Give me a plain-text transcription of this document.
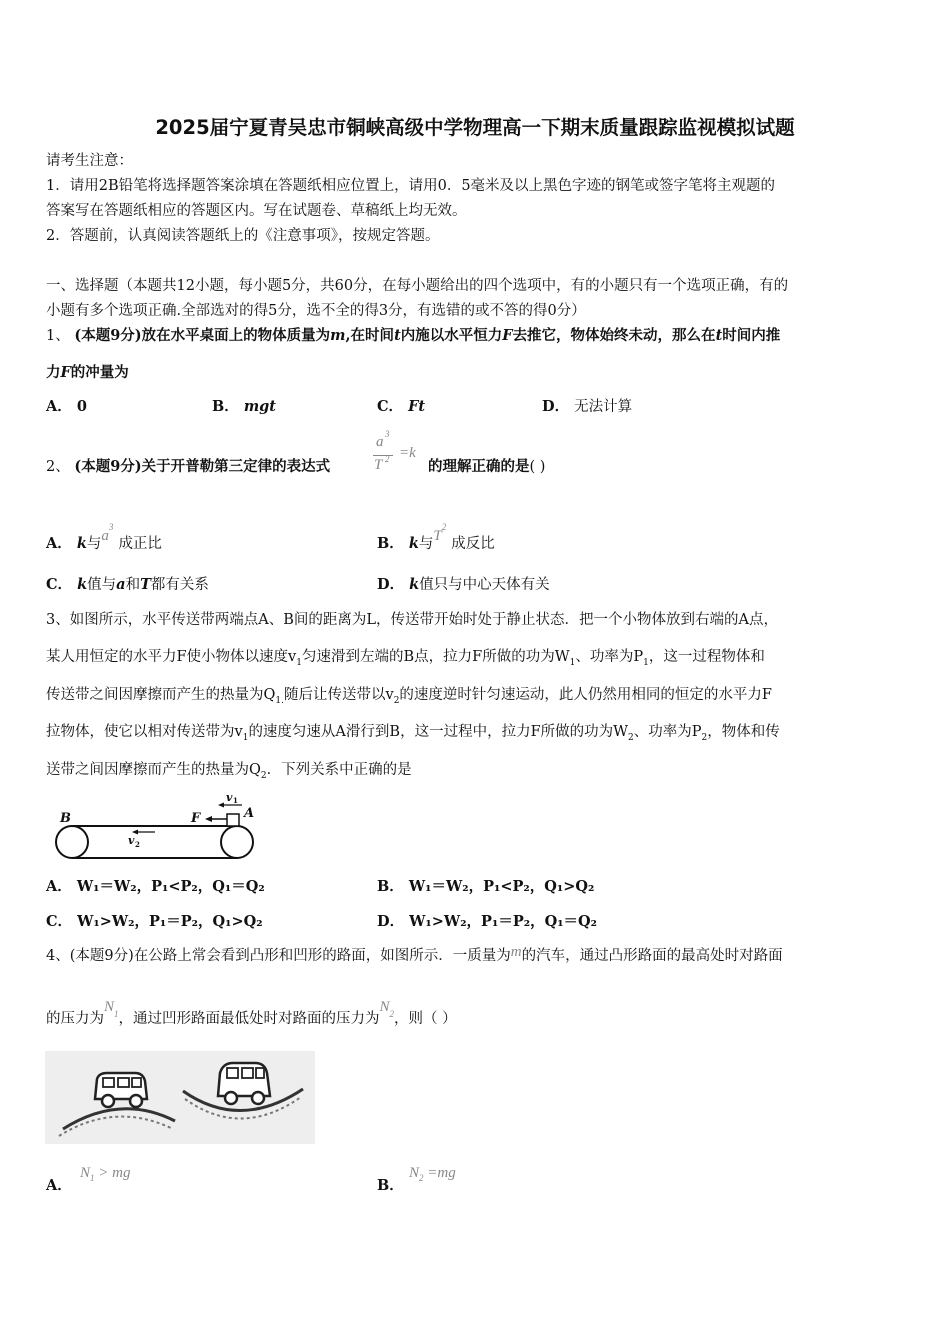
2025届宁夏青吴忠市铜峡高级中学物理高一下期末质量跟踪监视模拟试题
请考生注意：
1．请用2B铅笔将选择题答案涂填在答题纸相应位置上，请用0．5毫米及以上黑色字迹的钢笔或签字笔将主观题的
答案写在答题纸相应的答题区内。写在试题卷、草稿纸上均无效。
2．答题前，认真阅读答题纸上的《注意事项》，按规定答题。
一、选择题（本题共12小题，每小题5分，共60分，在每小题给出的四个选项中，有的小题只有一个选项正确，有的
小题有多个选项正确.全部选对的得5分，选不全的得3分，有选错的或不答的得0分）
1、 (本题9分)放在水平桌面上的物体质量为m,在时间t内施以水平恒力F去推它，物体始终未动，那么在t时间内推
力F的冲量为
A． 0	B． mgt	C． Ft	D． 无法计算
2、 (本题9分)关于开普勒第三定律的表达式
a 3
T 2 =k
的理解正确的是( )
A． k与$a^3$ 成正比	B． k与$T^2$ 成反比
C． k值与a和T都有关系	D． k值只与中心天体有关
3、如图所示，水平传送带两端点A、B间的距离为L，传送带开始时处于静止状态．把一个小物体放到右端的A点，
某人用恒定的水平力F使小物体以速度$v_1$匀速滑到左端的B点，拉力F所做的功为$W_1$、功率为$P_1$，这一过程物体和
传送带之间因摩擦而产生的热量为$Q_{1.}$随后让传送带以$v_2$的速度逆时针匀速运动，此人仍然用相同的恒定的水平力F
拉物体，使它以相对传送带为$v_1$的速度匀速从A滑行到B，这一过程中，拉力F所做的功为$W_2$、功率为$P_2$，物体和传
送带之间因摩擦而产生的热量为$Q_2$．下列关系中正确的是
B	F	A
v 1
v 2
A． W₁＝W₂，P₁<P₂，Q₁＝Q₂	B． W₁＝W₂，P₁<P₂，Q₁>Q₂
C． W₁>W₂，P₁＝P₂，Q₁>Q₂	D． W₁>W₂，P₁＝P₂，Q₁＝Q₂
4、(本题9分)在公路上常会看到凸形和凹形的路面，如图所示．一质量为m的汽车，通过凸形路面的最高处时对路面
的压力为$N_1$，通过凹形路面最低处时对路面的压力为$N_2$，则（ ）
A．
$N_1$ > mg
B．
$N_2 =mg$
